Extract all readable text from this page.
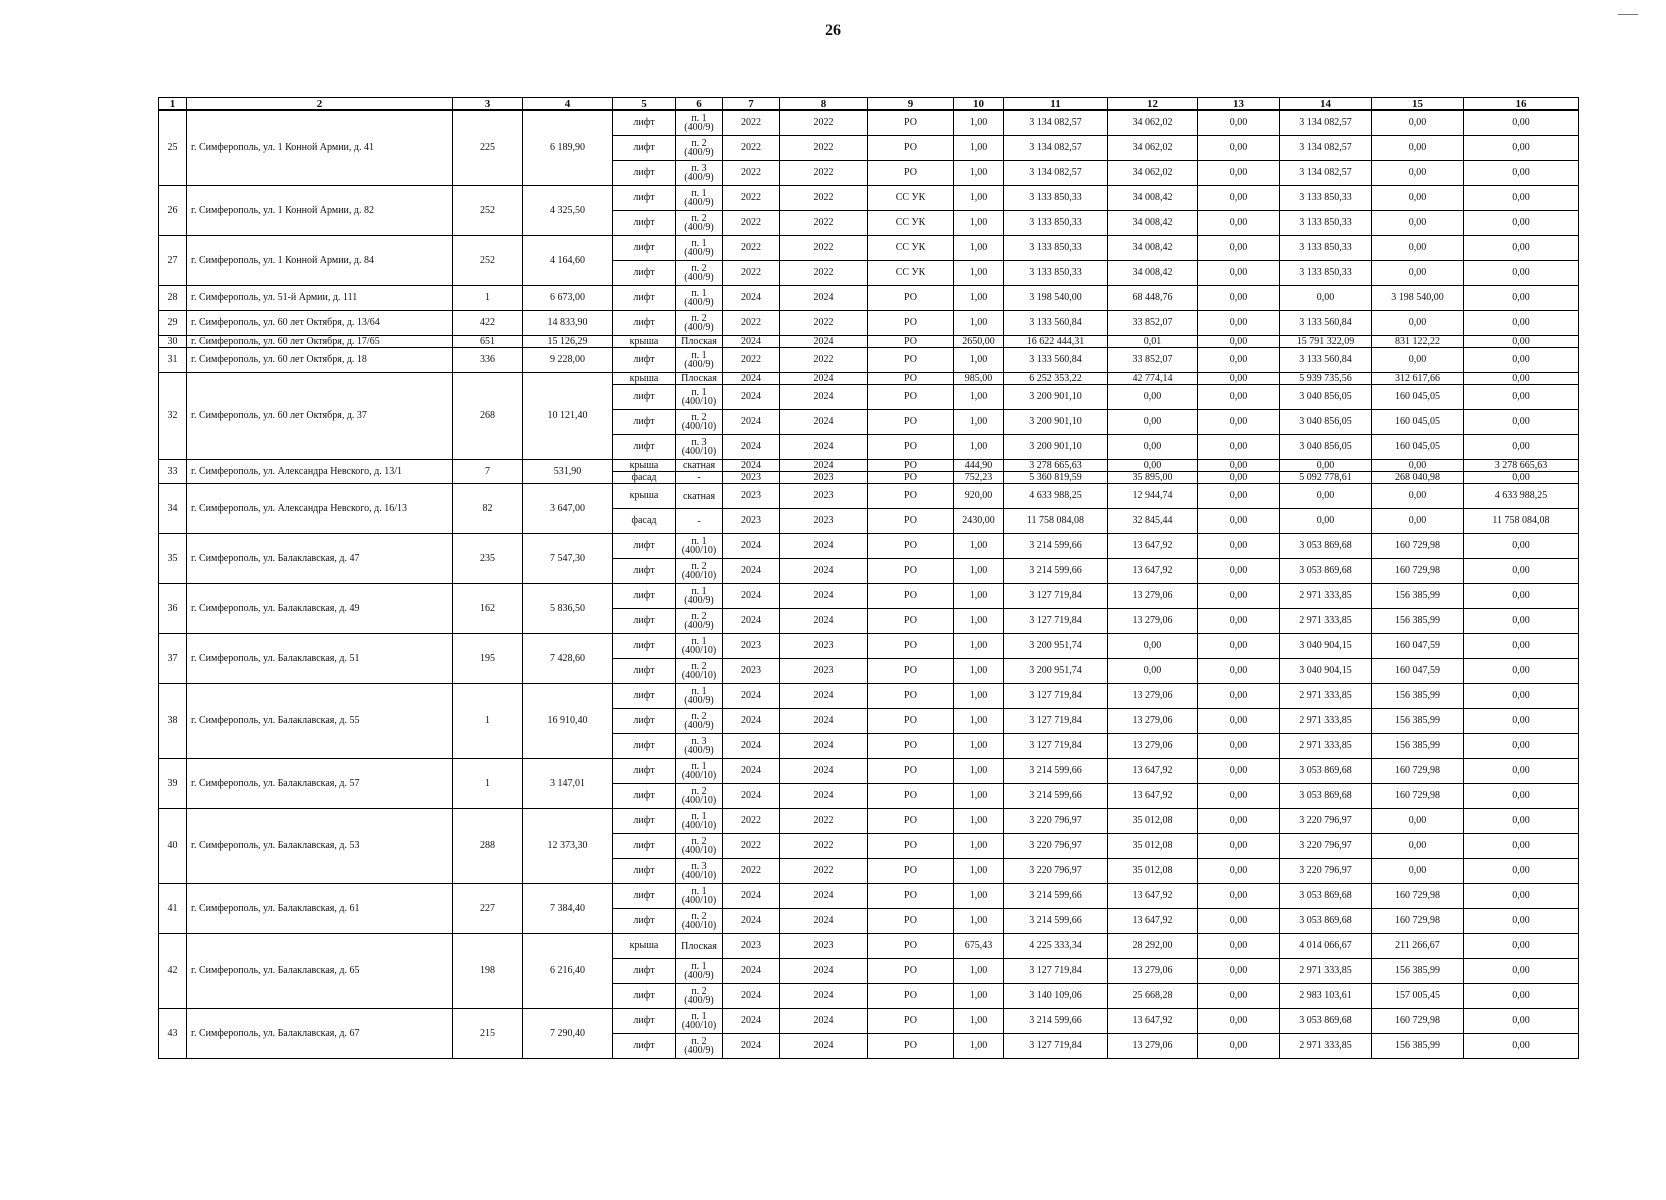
26
1	2	3	4	5	6	7	8	9	10	11	12	13	14	15	16
25	г. Симферополь, ул. 1 Конной Армии, д. 41	225	6 189,90	лифт	п. 1
(400/9)	2022	2022	РО	1,00	3 134 082,57	34 062,02	0,00	3 134 082,57	0,00	0,00
				лифт	п. 2
(400/9)	2022	2022	РО	1,00	3 134 082,57	34 062,02	0,00	3 134 082,57	0,00	0,00
				лифт	п. 3
(400/9)	2022	2022	РО	1,00	3 134 082,57	34 062,02	0,00	3 134 082,57	0,00	0,00
26	г. Симферополь, ул. 1 Конной Армии, д. 82	252	4 325,50	лифт	п. 1
(400/9)	2022	2022	СС УК	1,00	3 133 850,33	34 008,42	0,00	3 133 850,33	0,00	0,00
				лифт	п. 2
(400/9)	2022	2022	СС УК	1,00	3 133 850,33	34 008,42	0,00	3 133 850,33	0,00	0,00
27	г. Симферополь, ул. 1 Конной Армии, д. 84	252	4 164,60	лифт	п. 1
(400/9)	2022	2022	СС УК	1,00	3 133 850,33	34 008,42	0,00	3 133 850,33	0,00	0,00
				лифт	п. 2
(400/9)	2022	2022	СС УК	1,00	3 133 850,33	34 008,42	0,00	3 133 850,33	0,00	0,00
28	г. Симферополь, ул. 51-й Армии, д. 111	1	6 673,00	лифт	п. 1
(400/9)	2024	2024	РО	1,00	3 198 540,00	68 448,76	0,00	0,00	3 198 540,00	0,00
29	г. Симферополь, ул. 60 лет Октября, д. 13/64	422	14 833,90	лифт	п. 2
(400/9)	2022	2022	РО	1,00	3 133 560,84	33 852,07	0,00	3 133 560,84	0,00	0,00
30	г. Симферополь, ул. 60 лет Октября, д. 17/65	651	15 126,29	крыша	Плоская	2024	2024	РО	2650,00	16 622 444,31	0,01	0,00	15 791 322,09	831 122,22	0,00
31	г. Симферополь, ул. 60 лет Октября, д. 18	336	9 228,00	лифт	п. 1
(400/9)	2022	2022	РО	1,00	3 133 560,84	33 852,07	0,00	3 133 560,84	0,00	0,00
32	г. Симферополь, ул. 60 лет Октября, д. 37	268	10 121,40	крыша	Плоская	2024	2024	РО	985,00	6 252 353,22	42 774,14	0,00	5 939 735,56	312 617,66	0,00
				лифт	п. 1
(400/10)	2024	2024	РО	1,00	3 200 901,10	0,00	0,00	3 040 856,05	160 045,05	0,00
				лифт	п. 2
(400/10)	2024	2024	РО	1,00	3 200 901,10	0,00	0,00	3 040 856,05	160 045,05	0,00
				лифт	п. 3
(400/10)	2024	2024	РО	1,00	3 200 901,10	0,00	0,00	3 040 856,05	160 045,05	0,00
33	г. Симферополь, ул. Александра Невского, д. 13/1	7	531,90	крыша	скатная	2024	2024	РО	444,90	3 278 665,63	0,00	0,00	0,00	0,00	3 278 665,63
				фасад	-	2023	2023	РО	752,23	5 360 819,59	35 895,00	0,00	5 092 778,61	268 040,98	0,00
34	г. Симферополь, ул. Александра Невского, д. 16/13	82	3 647,00	крыша	скатная	2023	2023	РО	920,00	4 633 988,25	12 944,74	0,00	0,00	0,00	4 633 988,25
				фасад	-	2023	2023	РО	2430,00	11 758 084,08	32 845,44	0,00	0,00	0,00	11 758 084,08
35	г. Симферополь, ул. Балаклавская, д. 47	235	7 547,30	лифт	п. 1
(400/10)	2024	2024	РО	1,00	3 214 599,66	13 647,92	0,00	3 053 869,68	160 729,98	0,00
				лифт	п. 2
(400/10)	2024	2024	РО	1,00	3 214 599,66	13 647,92	0,00	3 053 869,68	160 729,98	0,00
36	г. Симферополь, ул. Балаклавская, д. 49	162	5 836,50	лифт	п. 1
(400/9)	2024	2024	РО	1,00	3 127 719,84	13 279,06	0,00	2 971 333,85	156 385,99	0,00
				лифт	п. 2
(400/9)	2024	2024	РО	1,00	3 127 719,84	13 279,06	0,00	2 971 333,85	156 385,99	0,00
37	г. Симферополь, ул. Балаклавская, д. 51	195	7 428,60	лифт	п. 1
(400/10)	2023	2023	РО	1,00	3 200 951,74	0,00	0,00	3 040 904,15	160 047,59	0,00
				лифт	п. 2
(400/10)	2023	2023	РО	1,00	3 200 951,74	0,00	0,00	3 040 904,15	160 047,59	0,00
38	г. Симферополь, ул. Балаклавская, д. 55	1	16 910,40	лифт	п. 1
(400/9)	2024	2024	РО	1,00	3 127 719,84	13 279,06	0,00	2 971 333,85	156 385,99	0,00
				лифт	п. 2
(400/9)	2024	2024	РО	1,00	3 127 719,84	13 279,06	0,00	2 971 333,85	156 385,99	0,00
				лифт	п. 3
(400/9)	2024	2024	РО	1,00	3 127 719,84	13 279,06	0,00	2 971 333,85	156 385,99	0,00
39	г. Симферополь, ул. Балаклавская, д. 57	1	3 147,01	лифт	п. 1
(400/10)	2024	2024	РО	1,00	3 214 599,66	13 647,92	0,00	3 053 869,68	160 729,98	0,00
				лифт	п. 2
(400/10)	2024	2024	РО	1,00	3 214 599,66	13 647,92	0,00	3 053 869,68	160 729,98	0,00
40	г. Симферополь, ул. Балаклавская, д. 53	288	12 373,30	лифт	п. 1
(400/10)	2022	2022	РО	1,00	3 220 796,97	35 012,08	0,00	3 220 796,97	0,00	0,00
				лифт	п. 2
(400/10)	2022	2022	РО	1,00	3 220 796,97	35 012,08	0,00	3 220 796,97	0,00	0,00
				лифт	п. 3
(400/10)	2022	2022	РО	1,00	3 220 796,97	35 012,08	0,00	3 220 796,97	0,00	0,00
41	г. Симферополь, ул. Балаклавская, д. 61	227	7 384,40	лифт	п. 1
(400/10)	2024	2024	РО	1,00	3 214 599,66	13 647,92	0,00	3 053 869,68	160 729,98	0,00
				лифт	п. 2
(400/10)	2024	2024	РО	1,00	3 214 599,66	13 647,92	0,00	3 053 869,68	160 729,98	0,00
42	г. Симферополь, ул. Балаклавская, д. 65	198	6 216,40	крыша	Плоская	2023	2023	РО	675,43	4 225 333,34	28 292,00	0,00	4 014 066,67	211 266,67	0,00
				лифт	п. 1
(400/9)	2024	2024	РО	1,00	3 127 719,84	13 279,06	0,00	2 971 333,85	156 385,99	0,00
				лифт	п. 2
(400/9)	2024	2024	РО	1,00	3 140 109,06	25 668,28	0,00	2 983 103,61	157 005,45	0,00
43	г. Симферополь, ул. Балаклавская, д. 67	215	7 290,40	лифт	п. 1
(400/10)	2024	2024	РО	1,00	3 214 599,66	13 647,92	0,00	3 053 869,68	160 729,98	0,00
				лифт	п. 2
(400/9)	2024	2024	РО	1,00	3 127 719,84	13 279,06	0,00	2 971 333,85	156 385,99	0,00
